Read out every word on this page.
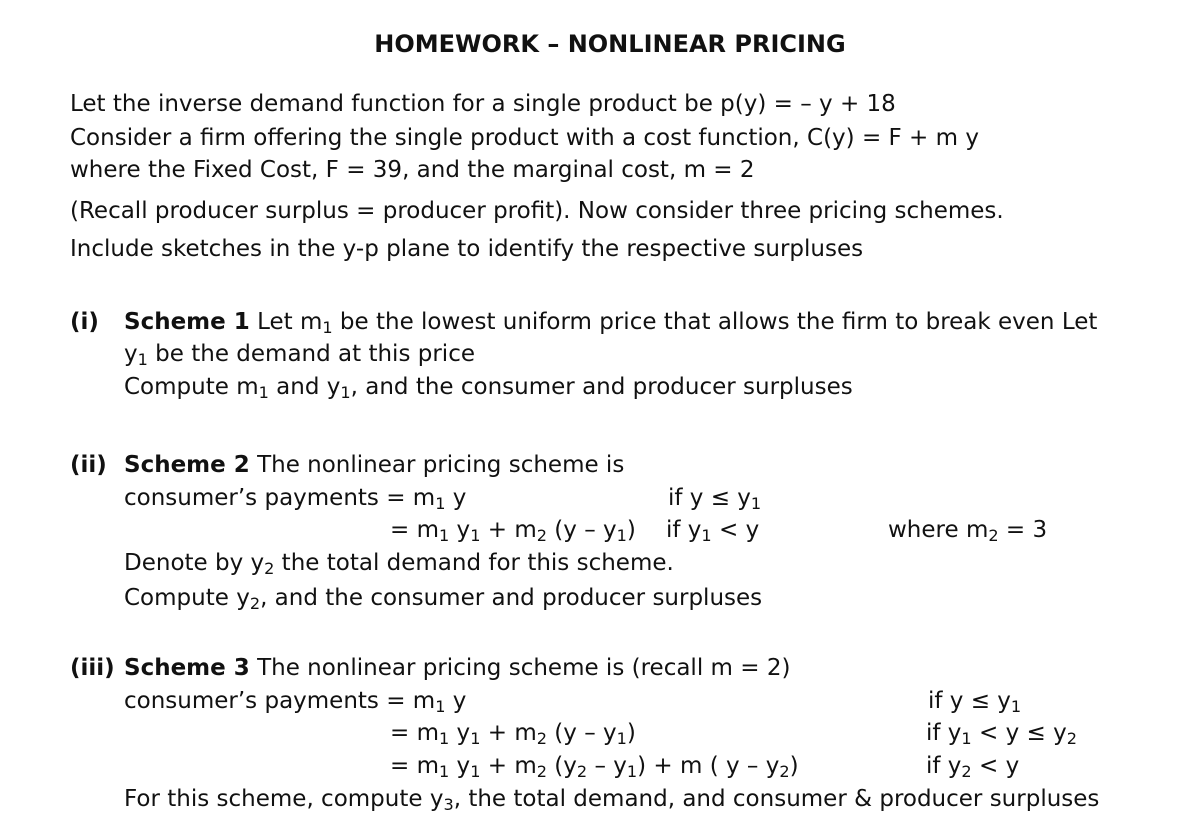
HOMEWORK – NONLINEAR PRICING
Let the inverse demand function for a single product be p(y) = – y + 18
Consider a firm offering the single product with a cost function, C(y) = F + m y
where the Fixed Cost, F = 39, and the marginal cost, m = 2
(Recall producer surplus = producer profit). Now consider three pricing schemes.
Include sketches in the y-p plane to identify the respective surpluses
(i) Scheme 1 Let $m_1$ be the lowest uniform price that allows the firm to break even Let
$y_1$ be the demand at this price
Compute $m_1$ and $y_1$, and the consumer and producer surpluses
(ii) Scheme 2 The nonlinear pricing scheme is
consumer’s payments = $m_1$ y	if $y \le y_1$
= $m_1$ $y_1 + m_2$ $(y - y_1)$ if $y_1 < y$	where $m_2 = 3$
Denote by $y_2$ the total demand for this scheme.
Compute $y_2$, and the consumer and producer surpluses
(iii) Scheme 3 The nonlinear pricing scheme is (recall m = 2)
consumer’s payments = $m_1$ y	if $y \le y_1$
= $m_1$ $y_1 + m_2$ $(y - y_1)$	if $y_1 < y \le y_2$
= $m_1$ $y_1 + m_2$ $(y_2 - y_1) + m$ ( y – $y_2$)	if $y_2 < y$
For this scheme, compute $y_3$, the total demand, and consumer & producer surpluses
